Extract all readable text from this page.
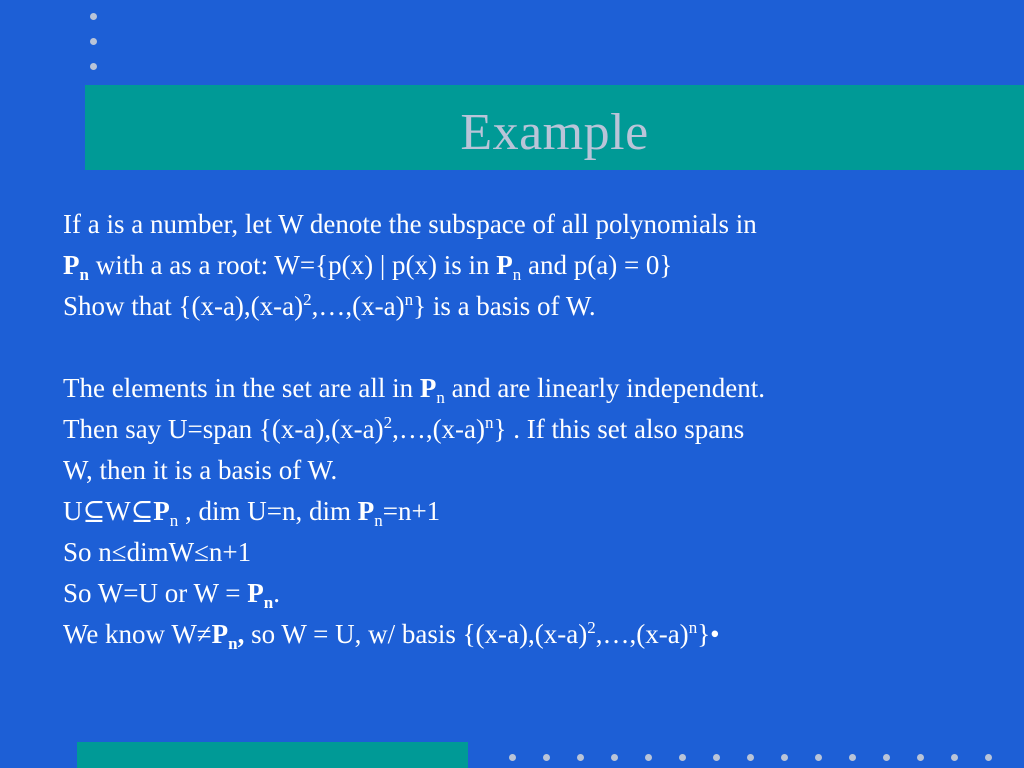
Example
If a is a number, let W denote the subspace of all polynomials in
$P_n$ with a as a root: W={p(x) | p(x) is in $P_n$ and p(a) = 0}
Show that $\{(x-a),(x-a)^2,\dots,(x-a)^n\}$ is a basis of W.
The elements in the set are all in $P_n$ and are linearly independent.
Then say U=span $\{(x-a),(x-a)^2,\dots,(x-a)^n\}$ . If this set also spans
W, then it is a basis of W.
$U⊆W⊆P_n$ , dim U=n, dim $P_n=n+1$
So n≤dimW≤n+1
So W=U or $W = P_n$.
We know $W\ne P_n$, so W = U, w/ basis $\{(x-a),(x-a)^2,\dots,(x-a)^n\}•$
